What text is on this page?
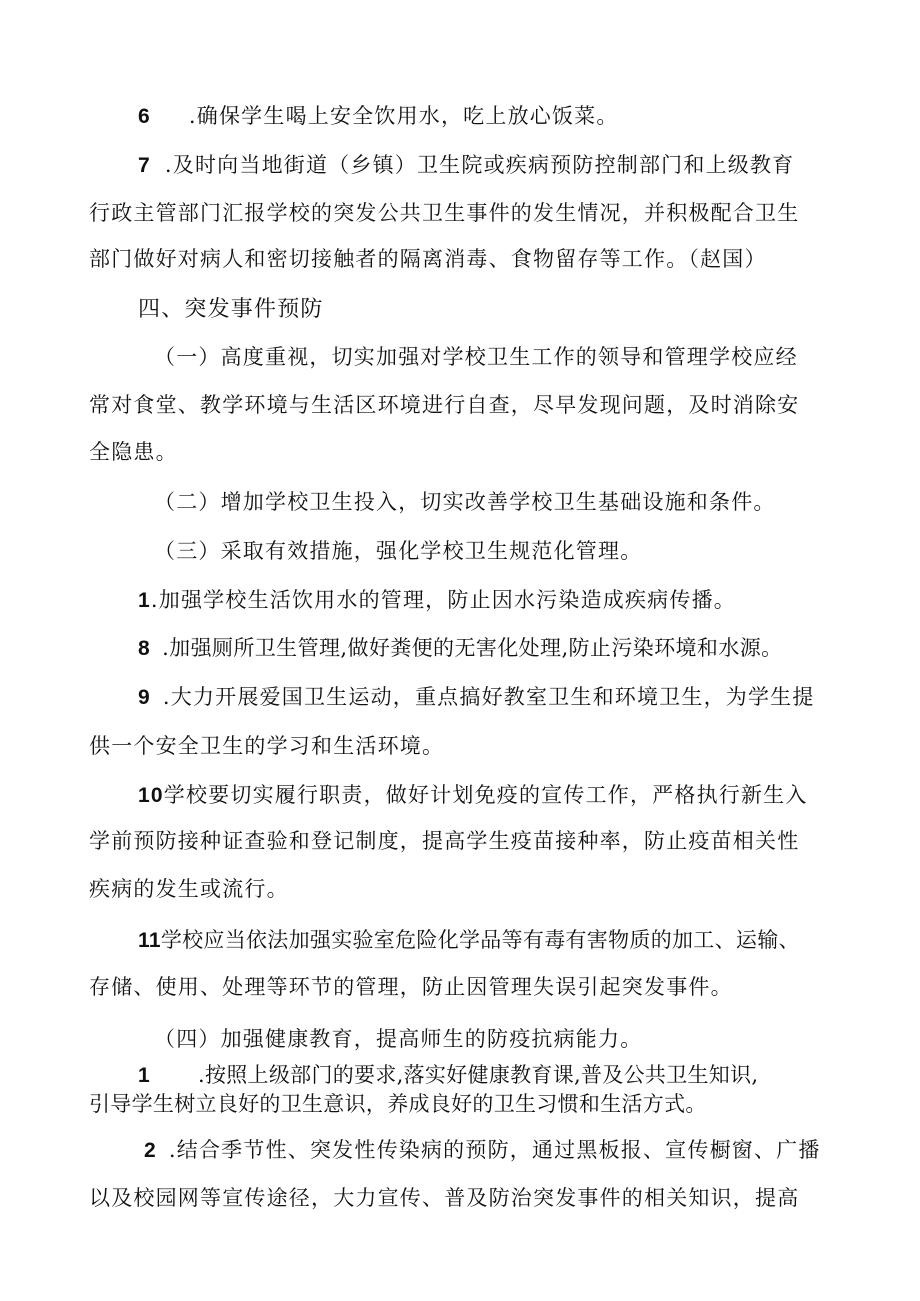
6 .确保学生喝上安全饮用水，吃上放心饭菜。
7 .及时向当地街道（乡镇）卫生院或疾病预防控制部门和上级教育
行政主管部门汇报学校的突发公共卫生事件的发生情况，并积极配合卫生
部门做好对病人和密切接触者的隔离消毒、食物留存等工作。（赵国）
四、突发事件预防
（一）高度重视，切实加强对学校卫生工作的领导和管理学校应经
常对食堂、教学环境与生活区环境进行自查，尽早发现问题，及时消除安
全隐患。
（二）增加学校卫生投入，切实改善学校卫生基础设施和条件。
（三）采取有效措施，强化学校卫生规范化管理。
1.加强学校生活饮用水的管理，防止因水污染造成疾病传播。
8 .加强厕所卫生管理,做好粪便的无害化处理,防止污染环境和水源。
9 .大力开展爱国卫生运动，重点搞好教室卫生和环境卫生，为学生提
供一个安全卫生的学习和生活环境。
10学校要切实履行职责，做好计划免疫的宣传工作，严格执行新生入
学前预防接种证查验和登记制度，提高学生疫苗接种率，防止疫苗相关性
疾病的发生或流行。
11学校应当依法加强实验室危险化学品等有毒有害物质的加工、运输、
存储、使用、处理等环节的管理，防止因管理失误引起突发事件。
（四）加强健康教育，提高师生的防疫抗病能力。
1 .按照上级部门的要求,落实好健康教育课,普及公共卫生知识,
引导学生树立良好的卫生意识，养成良好的卫生习惯和生活方式。
2 .结合季节性、突发性传染病的预防，通过黑板报、宣传橱窗、广播
以及校园网等宣传途径，大力宣传、普及防治突发事件的相关知识，提高
